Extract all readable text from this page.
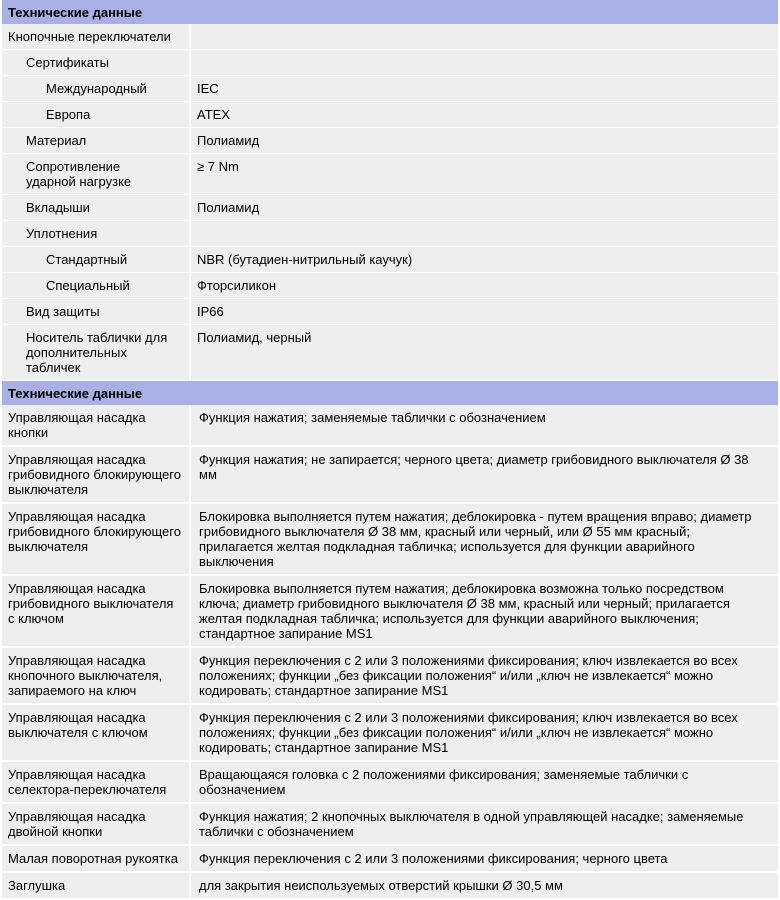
Технические данные	
Кнопочные переключатели	
Сертификаты	
Международный	IEC
Европа	ATEX
Материал	Полиамид
Сопротивление ударной нагрузке	≥ 7 Nm
Вкладыши	Полиамид
Уплотнения	
Стандартный	NBR (бутадиен-нитрильный каучук)
Специальный	Фторсиликон
Вид защиты	IP66
Носитель таблички для дополнительных табличек	Полиамид, черный
Технические данные	
Управляющая насадка кнопки	Функция нажатия; заменяемые таблички с обозначением
Управляющая насадка грибовидного блокирующего выключателя	Функция нажатия; не запирается; черного цвета; диаметр грибовидного выключателя Ø 38 мм
Управляющая насадка грибовидного блокирующего выключателя	Блокировка выполняется путем нажатия; деблокировка - путем вращения вправо; диаметр грибовидного выключателя Ø 38 мм, красный или черный, или Ø 55 мм красный; прилагается желтая подкладная табличка; используется для функции аварийного выключения
Управляющая насадка грибовидного выключателя с ключом	Блокировка выполняется путем нажатия; деблокировка возможна только посредством ключа; диаметр грибовидного выключателя Ø 38 мм, красный или черный; прилагается желтая подкладная табличка; используется для функции аварийного выключения; стандартное запирание MS1
Управляющая насадка кнопочного выключателя, запираемого на ключ	Функция переключения с 2 или 3 положениями фиксирования; ключ извлекается во всех положениях; функции „без фиксации положения“ и/или „ключ не извлекается“ можно кодировать; стандартное запирание MS1
Управляющая насадка выключателя с ключом	Функция переключения с 2 или 3 положениями фиксирования; ключ извлекается во всех положениях; функции „без фиксации положения“ и/или „ключ не извлекается“ можно кодировать; стандартное запирание MS1
Управляющая насадка селектора-переключателя	Вращающаяся головка с 2 положениями фиксирования; заменяемые таблички с обозначением
Управляющая насадка двойной кнопки	Функция нажатия; 2 кнопочных выключателя в одной управляющей насадке; заменяемые таблички с обозначением
Малая поворотная рукоятка	Функция переключения с 2 или 3 положениями фиксирования; черного цвета
Заглушка	для закрытия неиспользуемых отверстий крышки Ø 30,5 мм
